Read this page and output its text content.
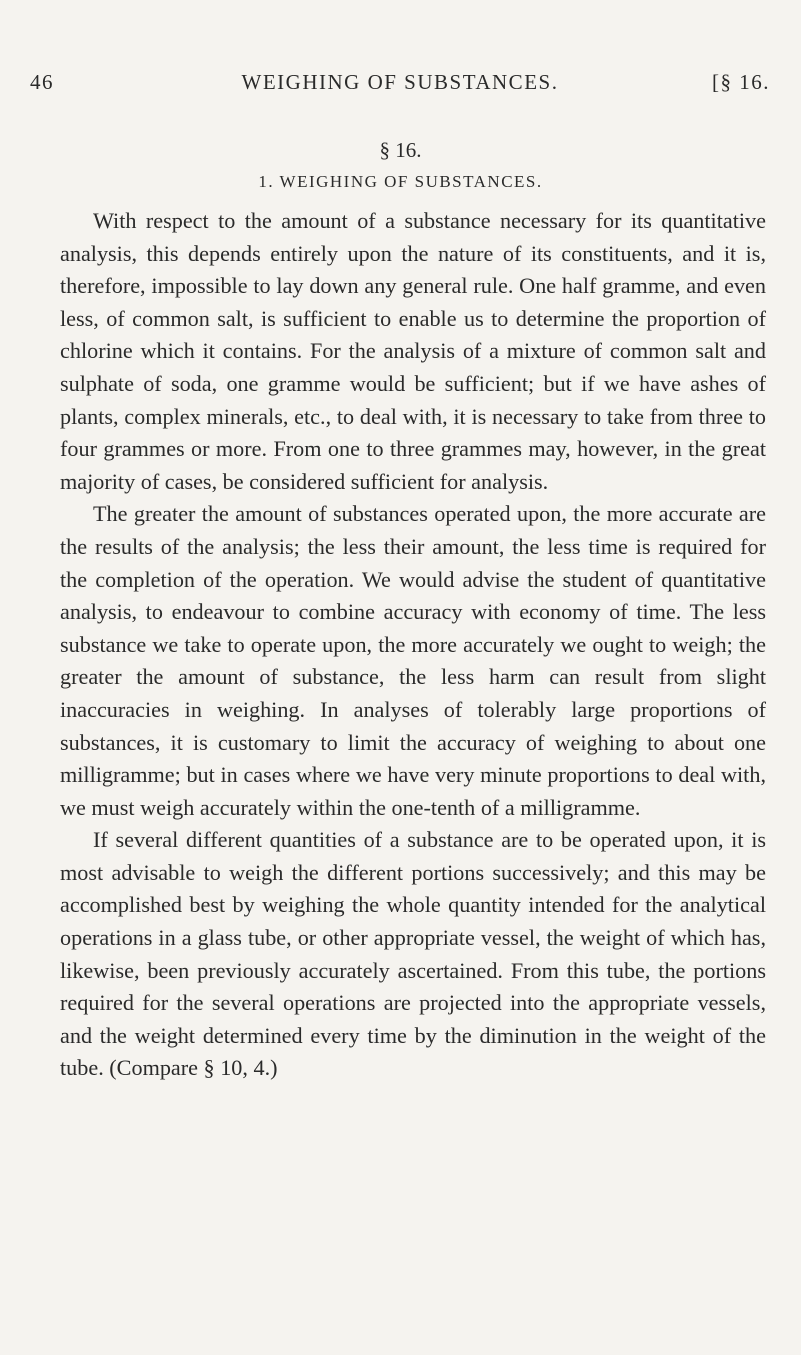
46	WEIGHING OF SUBSTANCES.	[§ 16.
§ 16.
1. WEIGHING OF SUBSTANCES.

With respect to the amount of a substance necessary for its quantitative analysis, this depends entirely upon the nature of its constituents, and it is, therefore, impossible to lay down any general rule. One half gramme, and even less, of common salt, is sufficient to enable us to determine the proportion of chlorine which it contains. For the analysis of a mixture of common salt and sulphate of soda, one gramme would be sufficient; but if we have ashes of plants, complex minerals, etc., to deal with, it is necessary to take from three to four grammes or more. From one to three grammes may, however, in the great majority of cases, be considered sufficient for analysis.

The greater the amount of substances operated upon, the more accurate are the results of the analysis; the less their amount, the less time is required for the completion of the operation. We would advise the student of quantitative analysis, to endeavour to combine accuracy with economy of time. The less substance we take to operate upon, the more accurately we ought to weigh; the greater the amount of substance, the less harm can result from slight inaccuracies in weighing. In analyses of tolerably large proportions of substances, it is customary to limit the accuracy of weighing to about one milligramme; but in cases where we have very minute proportions to deal with, we must weigh accurately within the one-tenth of a milligramme.

If several different quantities of a substance are to be operated upon, it is most advisable to weigh the different portions successively; and this may be accomplished best by weighing the whole quantity intended for the analytical operations in a glass tube, or other appropriate vessel, the weight of which has, likewise, been previously accurately ascertained. From this tube, the portions required for the several operations are projected into the appropriate vessels, and the weight determined every time by the diminution in the weight of the tube. (Compare § 10, 4.)
